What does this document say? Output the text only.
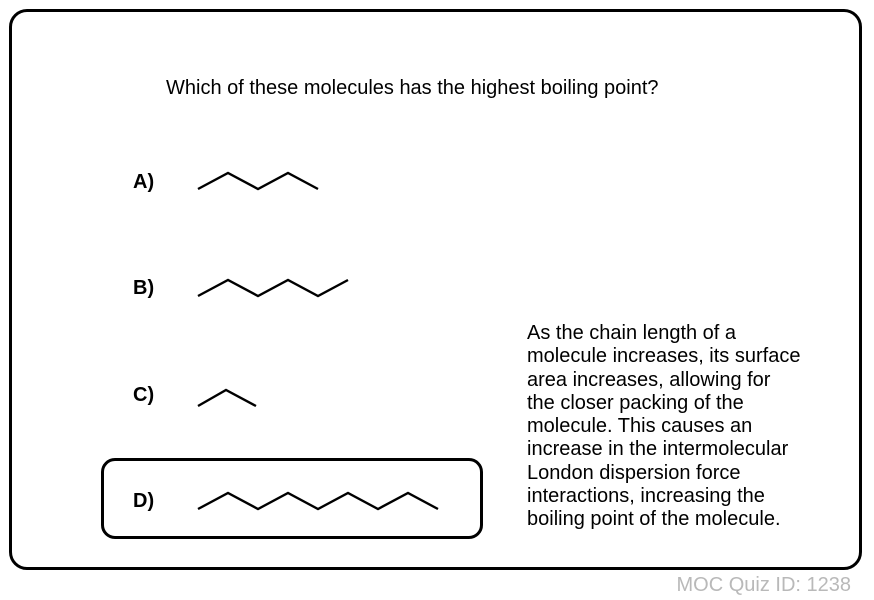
Which of these molecules has the highest boiling point?
A)
B)
C)
D)
As the chain length of a
molecule increases, its surface
area increases, allowing for
the closer packing of the
molecule. This causes an
increase in the intermolecular
London dispersion force
interactions, increasing the
boiling point of the molecule.
MOC Quiz ID: 1238
